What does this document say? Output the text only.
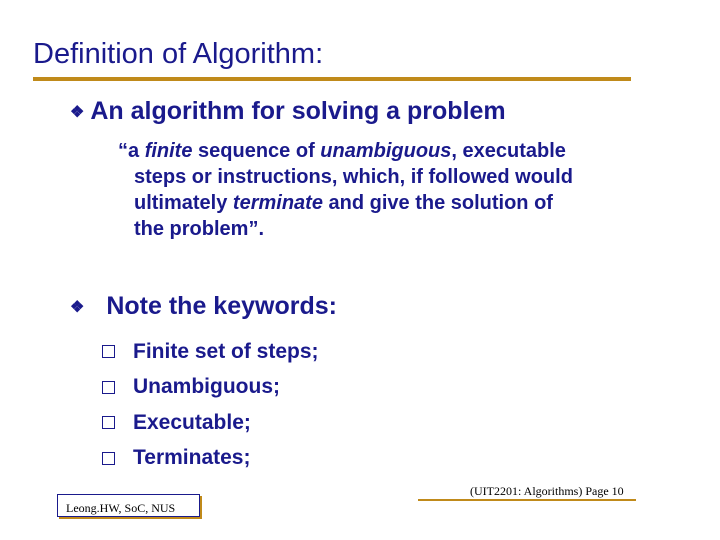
Definition of Algorithm:
❖ An algorithm for solving a problem
“a finite sequence of unambiguous, executable
steps or instructions, which, if followed would
ultimately terminate and give the solution of
the problem”.
❖ Note the keywords:
Finite set of steps;
Unambiguous;
Executable;
Terminates;
(UIT2201: Algorithms) Page 10
Leong.HW, SoC, NUS
